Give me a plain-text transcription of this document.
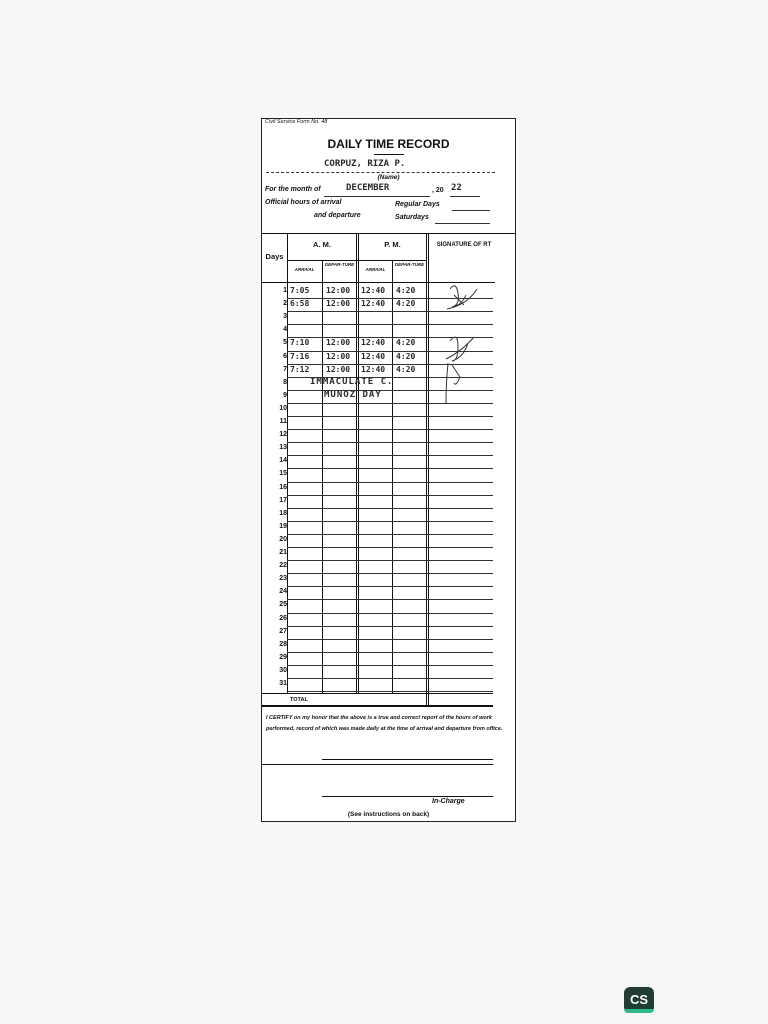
Civil Service Form No. 48
DAILY TIME RECORD
CORPUZ, RIZA P.
(Name)
For the month of	DECEMBER	, 20 22
Official hours of arrival
and departure
Regular Days
Saturdays
Days
A. M.	P. M.	SIGNATURE OF RT
ARRIVAL
DEPAR-TURE
ARRIVAL
DEPAR-TURE
1 7:05 12:00 12:40 4:20
2 6:58 12:00 12:40 4:20
3
4
5 7:10 12:00 12:40 4:20
6 7:16 12:00 12:40 4:20
7 7:12 12:00 12:40 4:20
8	IMMACULATE C.
9	MUNOZ DAY
10
11
12
13
14
15
16
17
18
19
20
21
22
23
24
25
26
27
28
29
30
31
TOTAL
I CERTIFY on my honor that the above is a true and correct report of the hours of work performed, record of which was made daily at the time of arrival and departure from office.
In-Charge
(See instructions on back)
CS
